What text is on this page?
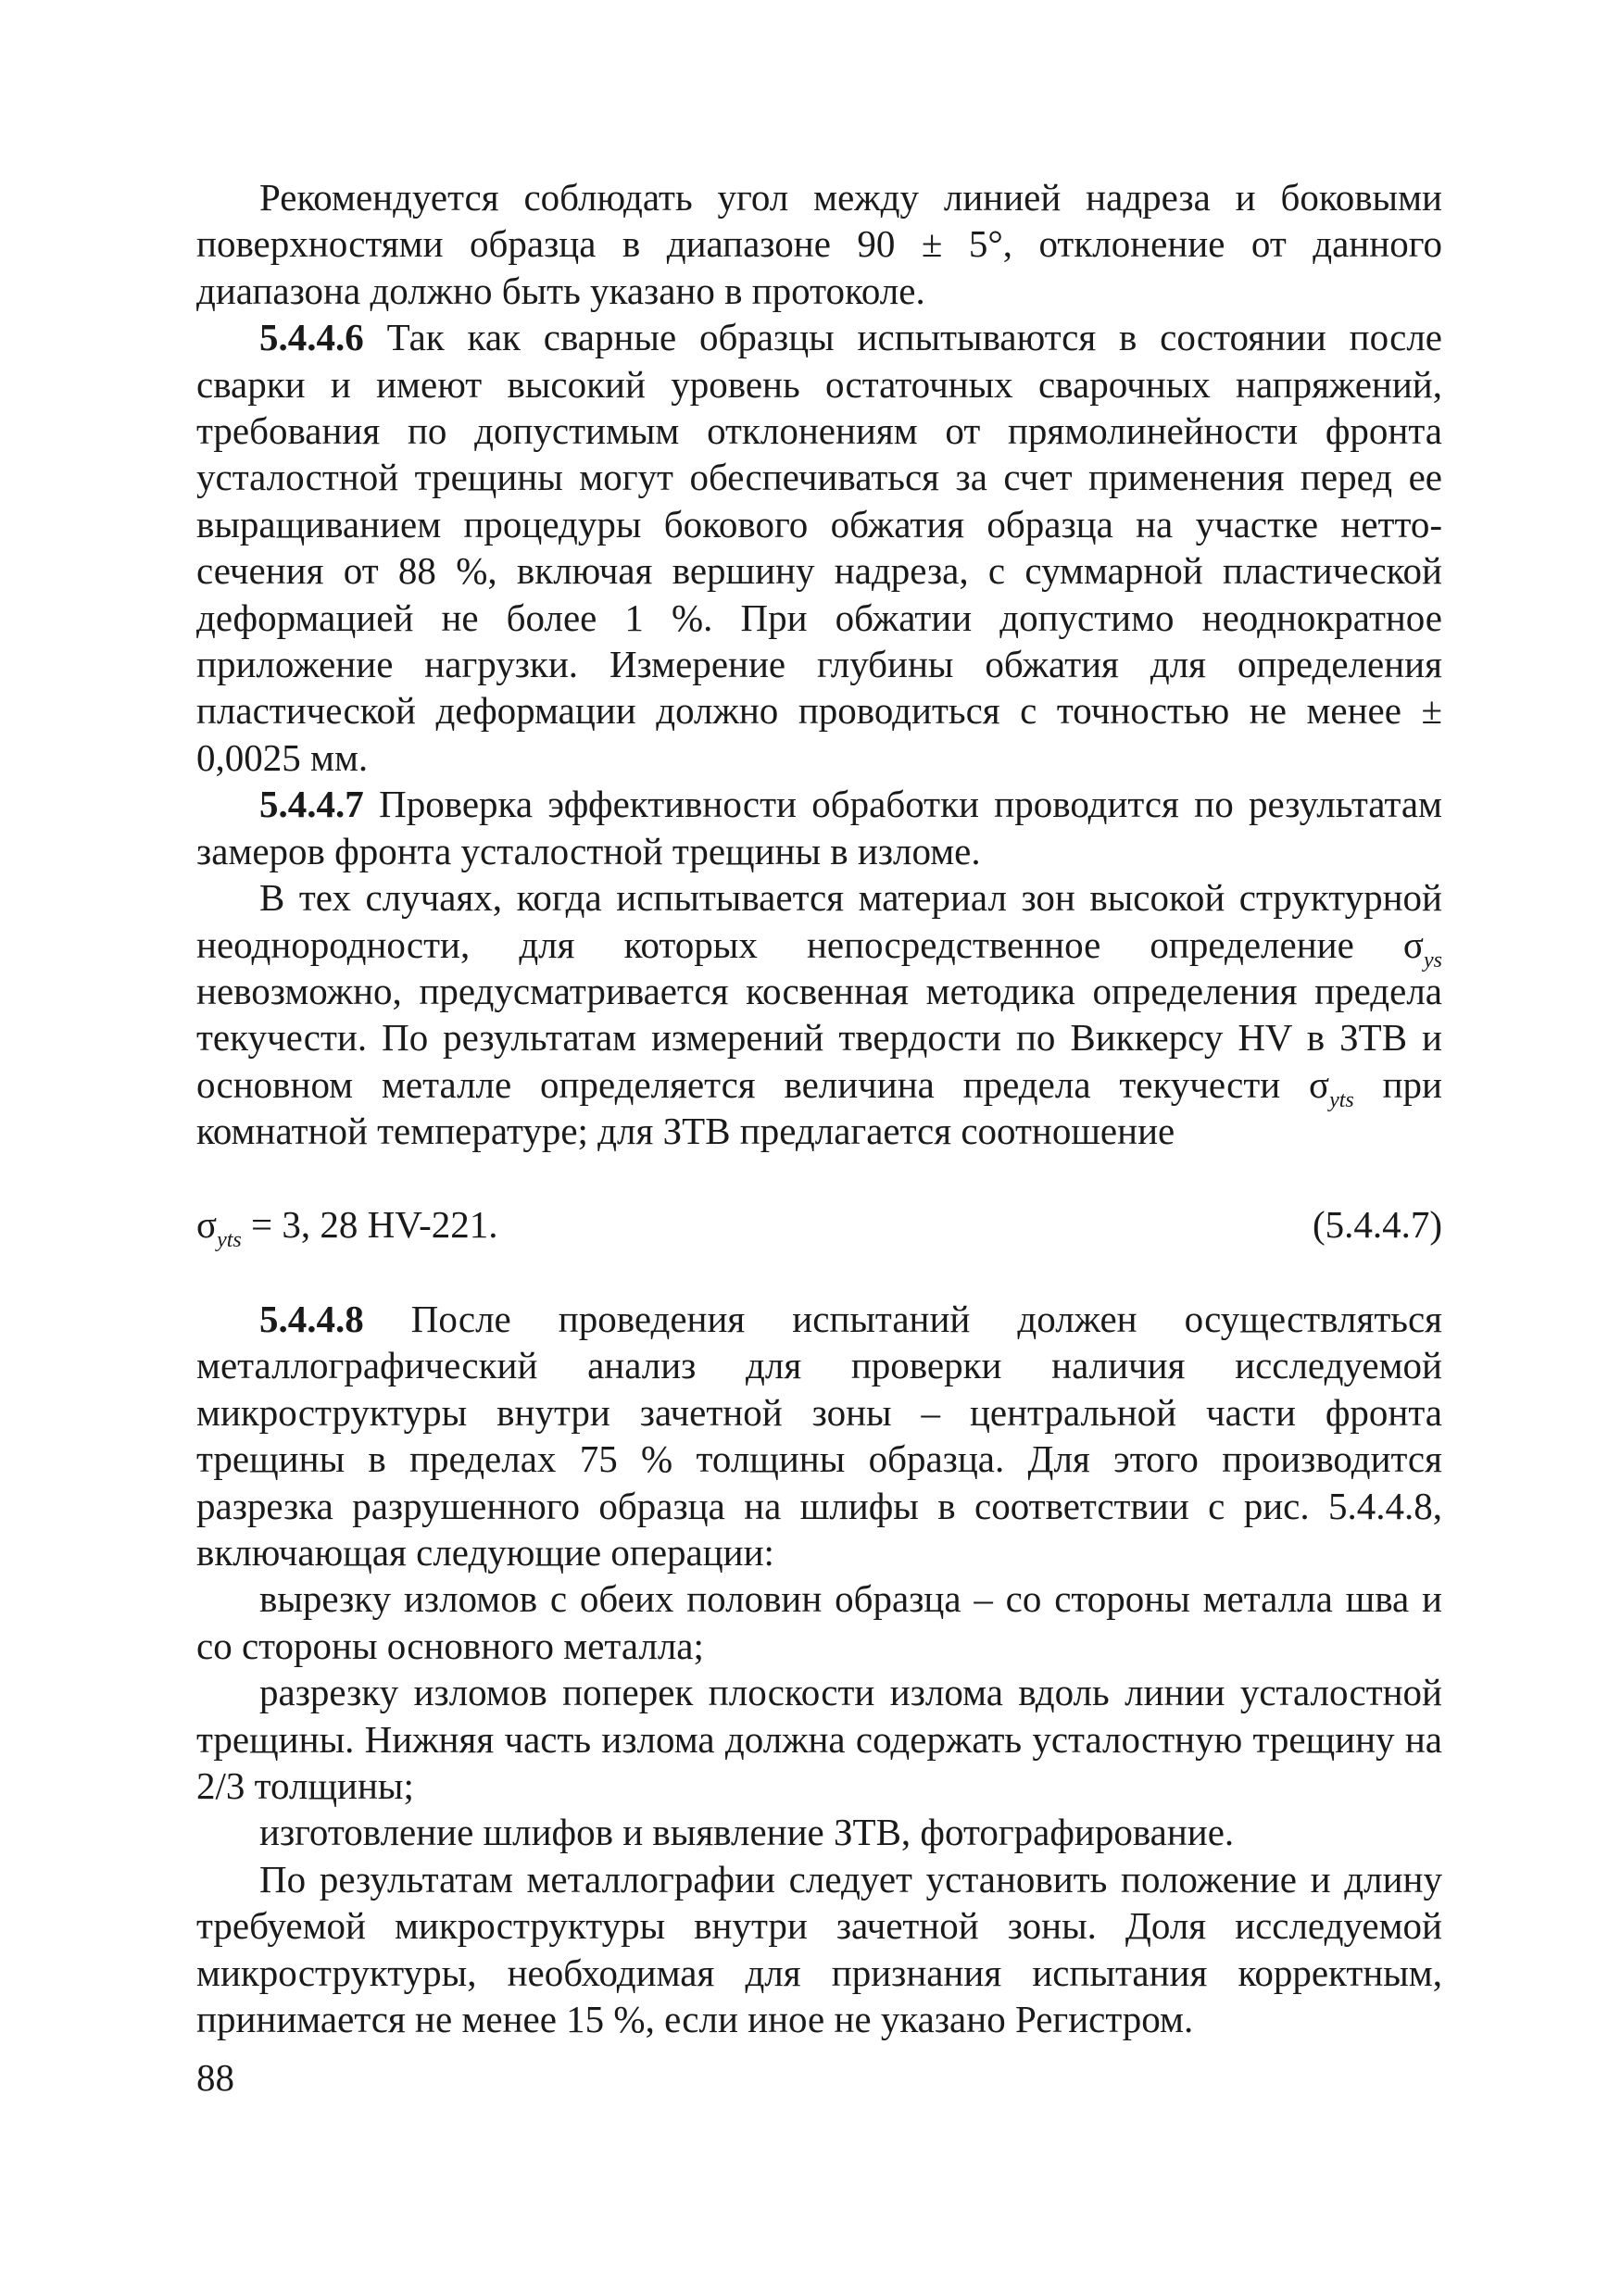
Рекомендуется соблюдать угол между линией надреза и боковыми поверхностями образца в диапазоне 90 ± 5°, отклонение от данного диапазона должно быть указано в протоколе.

5.4.4.6 Так как сварные образцы испытываются в состоянии после сварки и имеют высокий уровень остаточных сварочных напряжений, требования по допустимым отклонениям от прямолинейности фронта усталостной трещины могут обеспечиваться за счет применения перед ее выращиванием процедуры бокового обжатия образца на участке нетто-сечения от 88 %, включая вершину надреза, с суммарной пластической деформацией не более 1 %. При обжатии допустимо неоднократное приложение нагрузки. Измерение глубины обжатия для определения пластической деформации должно проводиться с точностью не менее ± 0,0025 мм.

5.4.4.7 Проверка эффективности обработки проводится по результатам замеров фронта усталостной трещины в изломе.

В тех случаях, когда испытывается материал зон высокой структурной неоднородности, для которых непосредственное определение $\sigma_{ys}$ невозможно, предусматривается косвенная методика определения предела текучести. По результатам измерений твердости по Виккерсу HV в ЗТВ и основном металле определяется величина предела текучести $\sigma_{yts}$ при комнатной температуре; для ЗТВ предлагается соотношение

$\sigma_{yts} = 3$, 28 HV-221.	(5.4.4.7)

5.4.4.8 После проведения испытаний должен осуществляться металлографический анализ для проверки наличия исследуемой микроструктуры внутри зачетной зоны – центральной части фронта трещины в пределах 75 % толщины образца. Для этого производится разрезка разрушенного образца на шлифы в соответствии с рис. 5.4.4.8, включающая следующие операции:

вырезку изломов с обеих половин образца – со стороны металла шва и со стороны основного металла;

разрезку изломов поперек плоскости излома вдоль линии усталостной трещины. Нижняя часть излома должна содержать усталостную трещину на 2/3 толщины;

изготовление шлифов и выявление ЗТВ, фотографирование.

По результатам металлографии следует установить положение и длину требуемой микроструктуры внутри зачетной зоны. Доля исследуемой микроструктуры, необходимая для признания испытания корректным, принимается не менее 15 %, если иное не указано Регистром.

88
